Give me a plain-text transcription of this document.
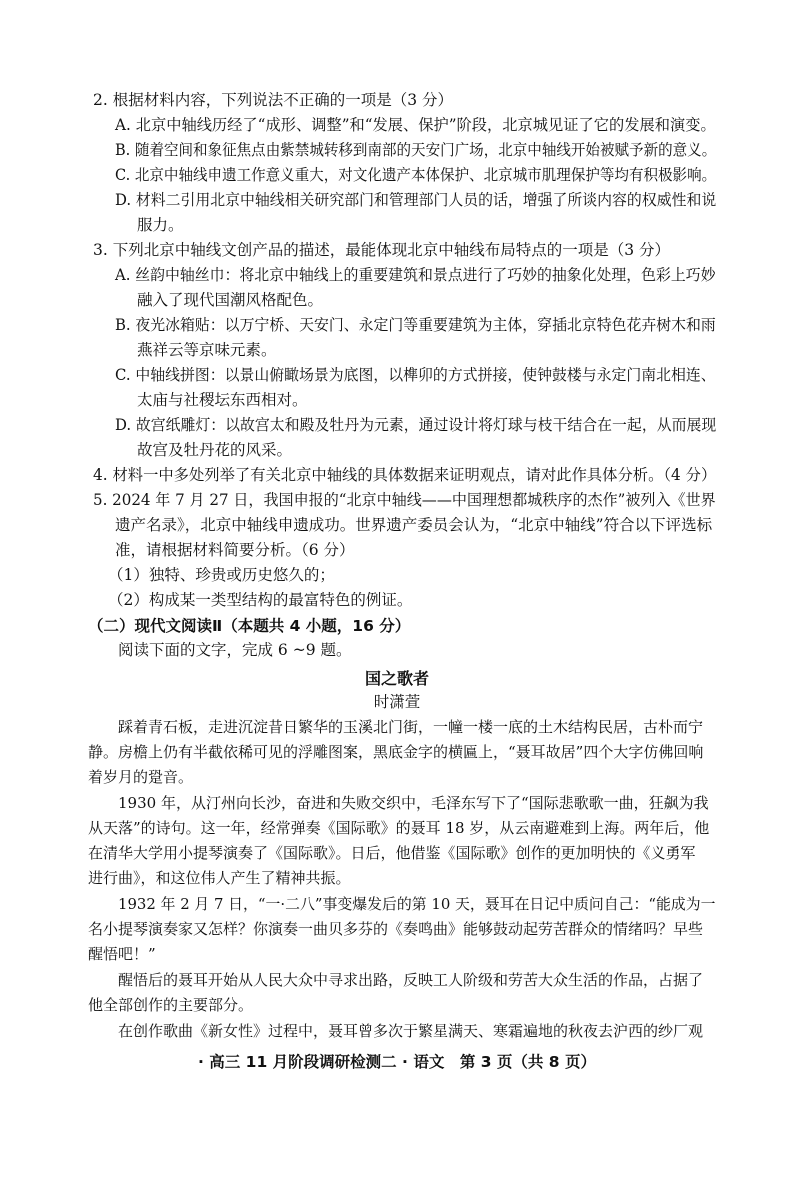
2. 根据材料内容，下列说法不正确的一项是（3 分）
A. 北京中轴线历经了“成形、调整”和“发展、保护”阶段，北京城见证了它的发展和演变。
B. 随着空间和象征焦点由紫禁城转移到南部的天安门广场，北京中轴线开始被赋予新的意义。
C. 北京中轴线申遗工作意义重大，对文化遗产本体保护、北京城市肌理保护等均有积极影响。
D. 材料二引用北京中轴线相关研究部门和管理部门人员的话，增强了所谈内容的权威性和说
服力。
3. 下列北京中轴线文创产品的描述，最能体现北京中轴线布局特点的一项是（3 分）
A. 丝韵中轴丝巾：将北京中轴线上的重要建筑和景点进行了巧妙的抽象化处理，色彩上巧妙
融入了现代国潮风格配色。
B. 夜光冰箱贴：以万宁桥、天安门、永定门等重要建筑为主体，穿插北京特色花卉树木和雨
燕祥云等京味元素。
C. 中轴线拼图：以景山俯瞰场景为底图，以榫卯的方式拼接，使钟鼓楼与永定门南北相连、
太庙与社稷坛东西相对。
D. 故宫纸雕灯：以故宫太和殿及牡丹为元素，通过设计将灯球与枝干结合在一起，从而展现
故宫及牡丹花的风采。
4. 材料一中多处列举了有关北京中轴线的具体数据来证明观点，请对此作具体分析。（4 分）
5. 2024 年 7 月 27 日，我国申报的“北京中轴线——中国理想都城秩序的杰作”被列入《世界
遗产名录》，北京中轴线申遗成功。世界遗产委员会认为，“北京中轴线”符合以下评选标
准，请根据材料简要分析。（6 分）
（1）独特、珍贵或历史悠久的；
（2）构成某一类型结构的最富特色的例证。
（二）现代文阅读Ⅱ（本题共 4 小题，16 分）
阅读下面的文字，完成 6 ~9 题。
国之歌者
时潇萱
踩着青石板，走进沉淀昔日繁华的玉溪北门街，一幢一楼一底的土木结构民居，古朴而宁
静。房檐上仍有半截依稀可见的浮雕图案，黑底金字的横匾上，“聂耳故居”四个大字仿佛回响
着岁月的跫音。
1930 年，从汀州向长沙，奋进和失败交织中，毛泽东写下了“国际悲歌歌一曲，狂飙为我
从天落”的诗句。这一年，经常弹奏《国际歌》的聂耳 18 岁，从云南避难到上海。两年后，他
在清华大学用小提琴演奏了《国际歌》。日后，他借鉴《国际歌》创作的更加明快的《义勇军
进行曲》，和这位伟人产生了精神共振。
1932 年 2 月 7 日，“一·二八”事变爆发后的第 10 天，聂耳在日记中质问自己：“能成为一
名小提琴演奏家又怎样？你演奏一曲贝多芬的《奏鸣曲》能够鼓动起劳苦群众的情绪吗？早些
醒悟吧！”
醒悟后的聂耳开始从人民大众中寻求出路，反映工人阶级和劳苦大众生活的作品，占据了
他全部创作的主要部分。
在创作歌曲《新女性》过程中，聂耳曾多次于繁星满天、寒霜遍地的秋夜去沪西的纱厂观
· 高三 11 月阶段调研检测二 · 语文　第 3 页（共 8 页）
